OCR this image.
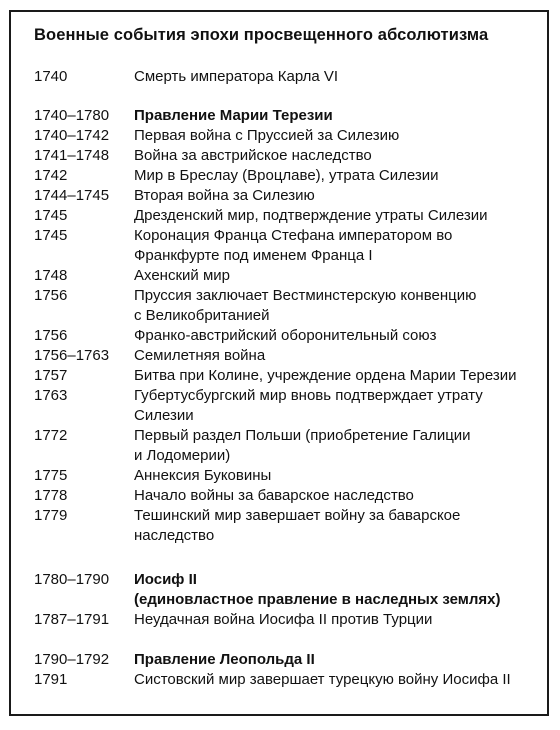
Военные события эпохи просвещенного абсолютизма
1740	Смерть императора Карла VI
1740–1780 Правление Марии Терезии
1740–1742 Первая война с Пруссией за Силезию
1741–1748 Война за австрийское наследство
1742	Мир в Бреслау (Вроцлаве), утрата Силезии
1744–1745 Вторая война за Силезию
1745	Дрезденский мир, подтверждение утраты Силезии
1745	Коронация Франца Стефана императором во
Франкфурте под именем Франца I
1748	Ахенский мир
1756	Пруссия заключает Вестминстерскую конвенцию
с Великобританией
1756	Франко-австрийский оборонительный союз
1756–1763 Семилетняя война
1757	Битва при Колине, учреждение ордена Марии Терезии
1763	Губертусбургский мир вновь подтверждает утрату
Силезии
1772	Первый раздел Польши (приобретение Галиции
и Лодомерии)
1775	Аннексия Буковины
1778	Начало войны за баварское наследство
1779	Тешинский мир завершает войну за баварское
наследство
1780–1790 Иосиф II
(единовластное правление в наследных землях)
1787–1791 Неудачная война Иосифа II против Турции
1790–1792 Правление Леопольда II
1791	Систовский мир завершает турецкую войну Иосифа II
